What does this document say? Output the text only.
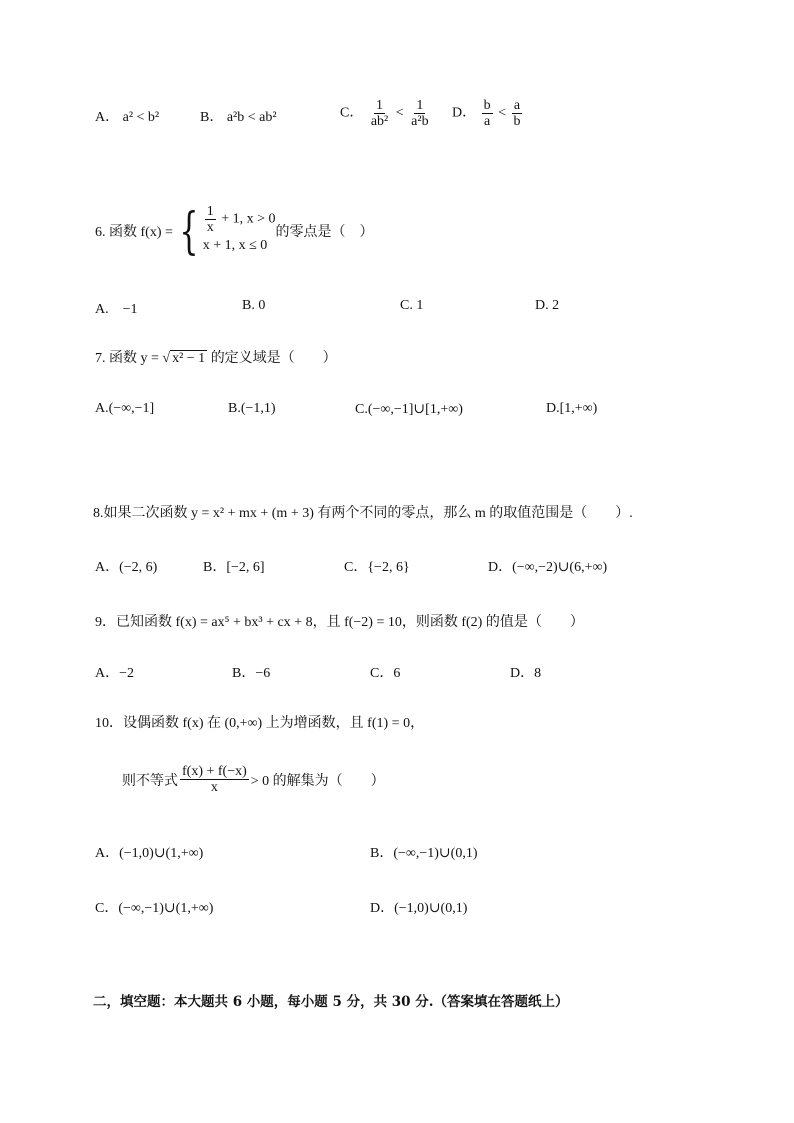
A． a² < b²	B． a²b < ab²	C． $\frac{1}{\text{ab²}} < \frac{1}{\text{a²b}}$ D． $\frac{b}{a} < \frac{a}{b}$
6. 函数 f(x) = { $\frac{1}{x} + 1$, x > 0
x + 1, x ≤ 0
的零点是（　）
A.　−1	B. 0	C. 1	D. 2
7. 函数 y = √ x² − 1 的定义域是（　　）
A.(−∞,−1]	B.(−1,1)	C.(−∞,−1]∪[1,+∞)	D.[1,+∞)
8.如果二次函数 y = x² + mx + (m + 3) 有两个不同的零点，那么 m 的取值范围是（　　）.
A．(−2, 6)	B．[−2, 6]	C．{−2, 6}	D．(−∞,−2)∪(6,+∞)
9．已知函数 f(x) = ax⁵ + bx³ + cx + 8，且 f(−2) = 10，则函数 f(2) 的值是（　　）
A．−2	B．−6	C．6	D．8
10．设偶函数 f(x) 在 (0,+∞) 上为增函数，且 f(1) = 0，
则不等式 $\frac{f(x) + f(-x)}{x} > 0$ 的解集为（　　）
A．(−1,0)∪(1,+∞)	B．(−∞,−1)∪(0,1)
C．(−∞,−1)∪(1,+∞)	D．(−1,0)∪(0,1)
二，填空题：本大题共 6 小题，每小题 5 分，共 30 分.（答案填在答题纸上）
